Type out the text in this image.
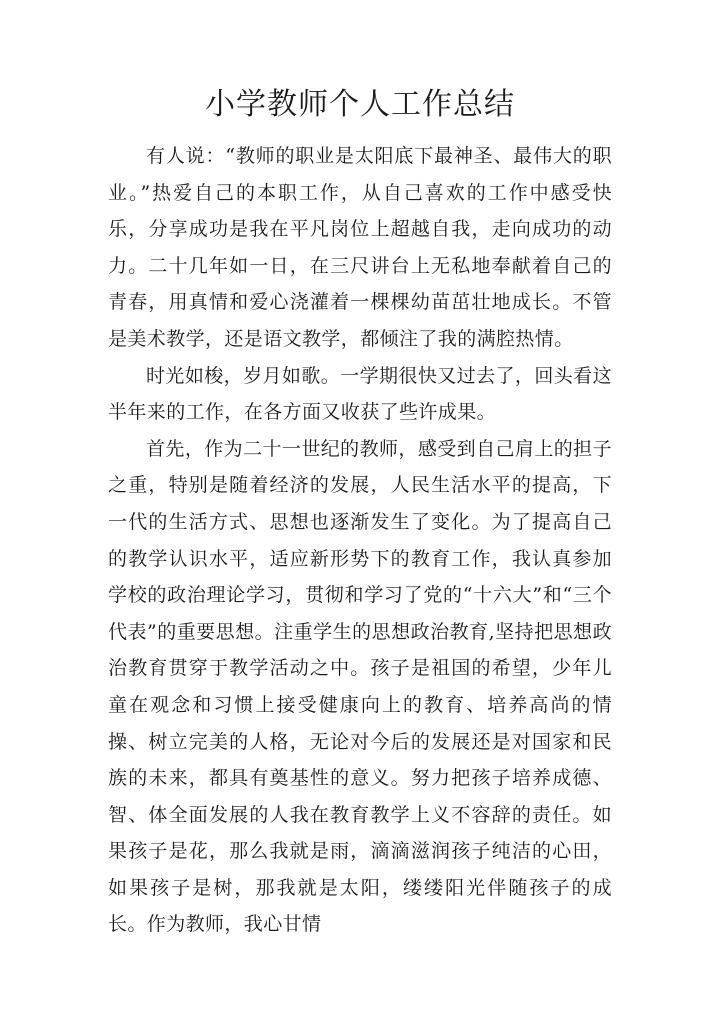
小学教师个人工作总结

有人说：“教师的职业是太阳底下最神圣、最伟大的职业。”热爱自己的本职工作，从自己喜欢的工作中感受快乐，分享成功是我在平凡岗位上超越自我，走向成功的动力。二十几年如一日，在三尺讲台上无私地奉献着自己的青春，用真情和爱心浇灌着一棵棵幼苗茁壮地成长。不管是美术教学，还是语文教学，都倾注了我的满腔热情。

时光如梭，岁月如歌。一学期很快又过去了，回头看这半年来的工作，在各方面又收获了些许成果。

首先，作为二十一世纪的教师，感受到自己肩上的担子之重，特别是随着经济的发展，人民生活水平的提高，下一代的生活方式、思想也逐渐发生了变化。为了提高自己的教学认识水平，适应新形势下的教育工作，我认真参加学校的政治理论学习，贯彻和学习了党的“十六大”和“三个代表”的重要思想。注重学生的思想政治教育,坚持把思想政治教育贯穿于教学活动之中。孩子是祖国的希望，少年儿童在观念和习惯上接受健康向上的教育、培养高尚的情操、树立完美的人格，无论对今后的发展还是对国家和民族的未来，都具有奠基性的意义。努力把孩子培养成德、智、体全面发展的人我在教育教学上义不容辞的责任。如果孩子是花，那么我就是雨，滴滴滋润孩子纯洁的心田，如果孩子是树，那我就是太阳，缕缕阳光伴随孩子的成长。作为教师，我心甘情
